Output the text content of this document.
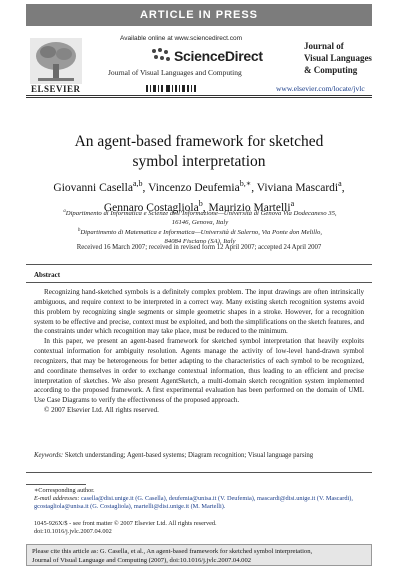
ARTICLE IN PRESS
ELSEVIER
Available online at www.sciencedirect.com
ScienceDirect
Journal of Visual Languages and Computing
Journal of
Visual Languages
& Computing
www.elsevier.com/locate/jvlc
An agent-based framework for sketched
symbol interpretation
Giovanni Casella$^{a,b}$, Vincenzo Deufemia$^{b,∗}$, Viviana Mascardi$^a$,
Gennaro Costagliola$^b$, Maurizio Martelli$^a$
$^a$Dipartimento di Informatica e Scienze dell’Informazione—Università di Genova Via Dodecaneso 35,
16146, Genova, Italy
$^b$Dipartimento di Matematica e Informatica—Università di Salerno, Via Ponte don Melillo,
84084 Fisciano (SA), Italy
Received 16 March 2007; received in revised form 12 April 2007; accepted 24 April 2007
Abstract

Recognizing hand-sketched symbols is a definitely complex problem. The input drawings are often intrinsically ambiguous, and require context to be interpreted in a correct way. Many existing sketch recognition systems avoid this problem by recognizing single segments or simple geometric shapes in a stroke. However, for a recognition system to be effective and precise, context must be exploited, and both the simplifications on the sketch features, and the constraints under which recognition may take place, must be reduced to the minimum.

In this paper, we present an agent-based framework for sketched symbol interpretation that heavily exploits contextual information for ambiguity resolution. Agents manage the activity of low-level hand-drawn symbol recognizers, that may be heterogeneous for better adapting to the characteristics of each symbol to be recognized, and coordinate themselves in order to exchange contextual information, thus leading to an efficient and precise interpretation of sketches. We also present AgentSketch, a multi-domain sketch recognition system implemented according to the proposed framework. A first experimental evaluation has been performed on the domain of UML Use Case Diagrams to verify the effectiveness of the proposed approach.

© 2007 Elsevier Ltd. All rights reserved.

Keywords: Sketch understanding; Agent-based systems; Diagram recognition; Visual language parsing
∗Corresponding author.
E-mail addresses: casella@disi.unige.it (G. Casella), deufemia@unisa.it (V. Deufemia), mascardi@disi.unige.it (V. Mascardi), gcostagliola@unisa.it (G. Costagliola), martelli@disi.unige.it (M. Martelli).
1045-926X/$ - see front matter © 2007 Elsevier Ltd. All rights reserved.
doi:10.1016/j.jvlc.2007.04.002
Please cite this article as: G. Casella, et al., An agent-based framework for sketched symbol interpretation,
Journal of Visual Language and Computing (2007), doi:10.1016/j.jvlc.2007.04.002
